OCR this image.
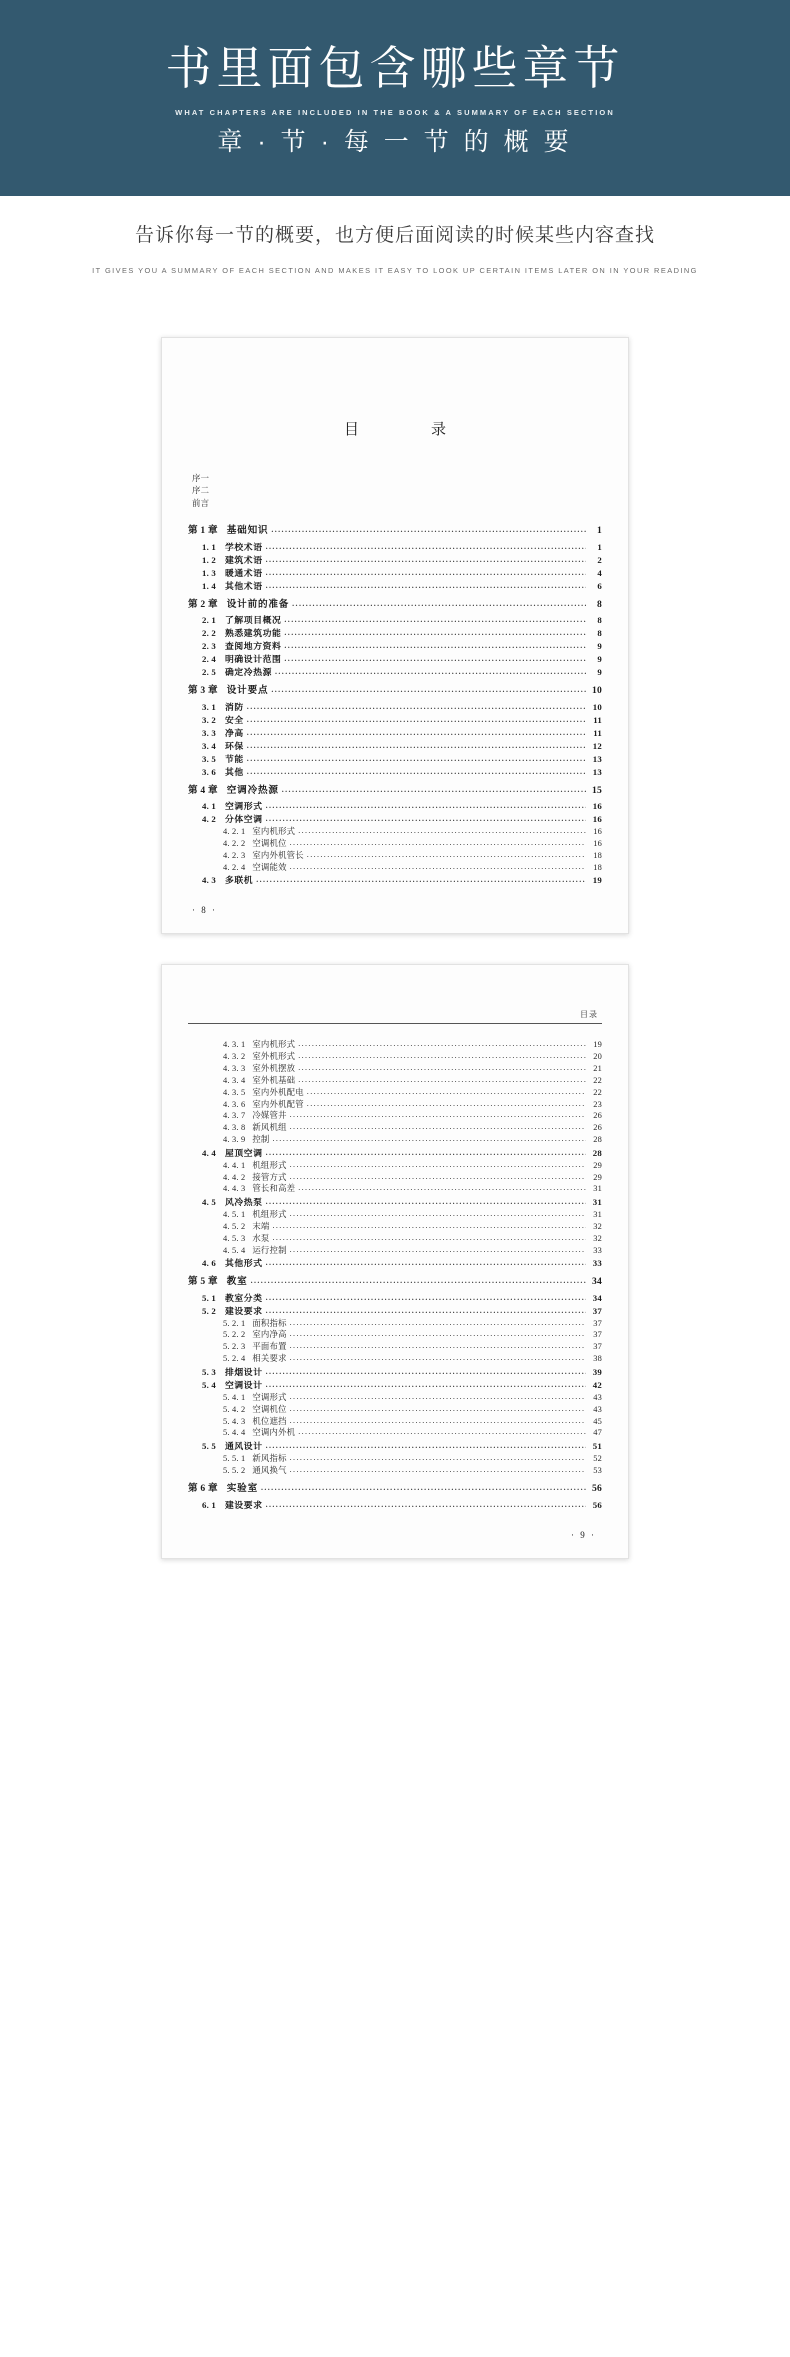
书里面包含哪些章节
WHAT CHAPTERS ARE INCLUDED IN THE BOOK & A SUMMARY OF EACH SECTION
章 · 节 · 每 一 节 的 概 要
告诉你每一节的概要，也方便后面阅读的时候某些内容查找
IT GIVES YOU A SUMMARY OF EACH SECTION AND MAKES IT EASY TO LOOK UP CERTAIN ITEMS LATER ON IN YOUR READING
目　　录
序一
序二
前言
第 1 章 基础知识 .....	1
1. 1 学校术语 .....	1
1. 2 建筑术语 .....	2
1. 3 暖通术语 .....	4
1. 4 其他术语 .....	6
第 2 章 设计前的准备 .....	8
2. 1 了解项目概况 .....	8
2. 2 熟悉建筑功能 .....	8
2. 3 查阅地方资料 .....	9
2. 4 明确设计范围 .....	9
2. 5 确定冷热源 .....	9
第 3 章 设计要点 .....	10
3. 1 消防 .....	10
3. 2 安全 .....	11
3. 3 净高 .....	11
3. 4 环保 .....	12
3. 5 节能 .....	13
3. 6 其他 .....	13
第 4 章 空调冷热源 .....	15
4. 1 空调形式 .....	16
4. 2 分体空调 .....	16
4. 2. 1 室内机形式 .....	16
4. 2. 2 空调机位 .....	16
4. 2. 3 室内外机管长 .....	18
4. 2. 4 空调能效 .....	18
4. 3 多联机 .....	19
· 8 ·
目录
4. 3. 1 室内机形式 .....	19
4. 3. 2 室外机形式 .....	20
4. 3. 3 室外机摆放 .....	21
4. 3. 4 室外机基础 .....	22
4. 3. 5 室内外机配电 .....	22
4. 3. 6 室内外机配管 .....	23
4. 3. 7 冷媒管井 .....	26
4. 3. 8 新风机组 .....	26
4. 3. 9 控制 .....	28
4. 4 屋顶空调 .....	28
4. 4. 1 机组形式 .....	29
4. 4. 2 接管方式 .....	29
4. 4. 3 管长和高差 .....	31
4. 5 风冷热泵 .....	31
4. 5. 1 机组形式 .....	31
4. 5. 2 末端 .....	32
4. 5. 3 水泵 .....	32
4. 5. 4 运行控制 .....	33
4. 6 其他形式 .....	33
第 5 章 教室 .....	34
5. 1 教室分类 .....	34
5. 2 建设要求 .....	37
5. 2. 1 面积指标 .....	37
5. 2. 2 室内净高 .....	37
5. 2. 3 平面布置 .....	37
5. 2. 4 相关要求 .....	38
5. 3 排烟设计 .....	39
5. 4 空调设计 .....	42
5. 4. 1 空调形式 .....	43
5. 4. 2 空调机位 .....	43
5. 4. 3 机位遮挡 .....	45
5. 4. 4 空调内外机 .....	47
5. 5 通风设计 .....	51
5. 5. 1 新风指标 .....	52
5. 5. 2 通风换气 .....	53
第 6 章 实验室 .....	56
6. 1 建设要求 .....	56
· 9 ·
